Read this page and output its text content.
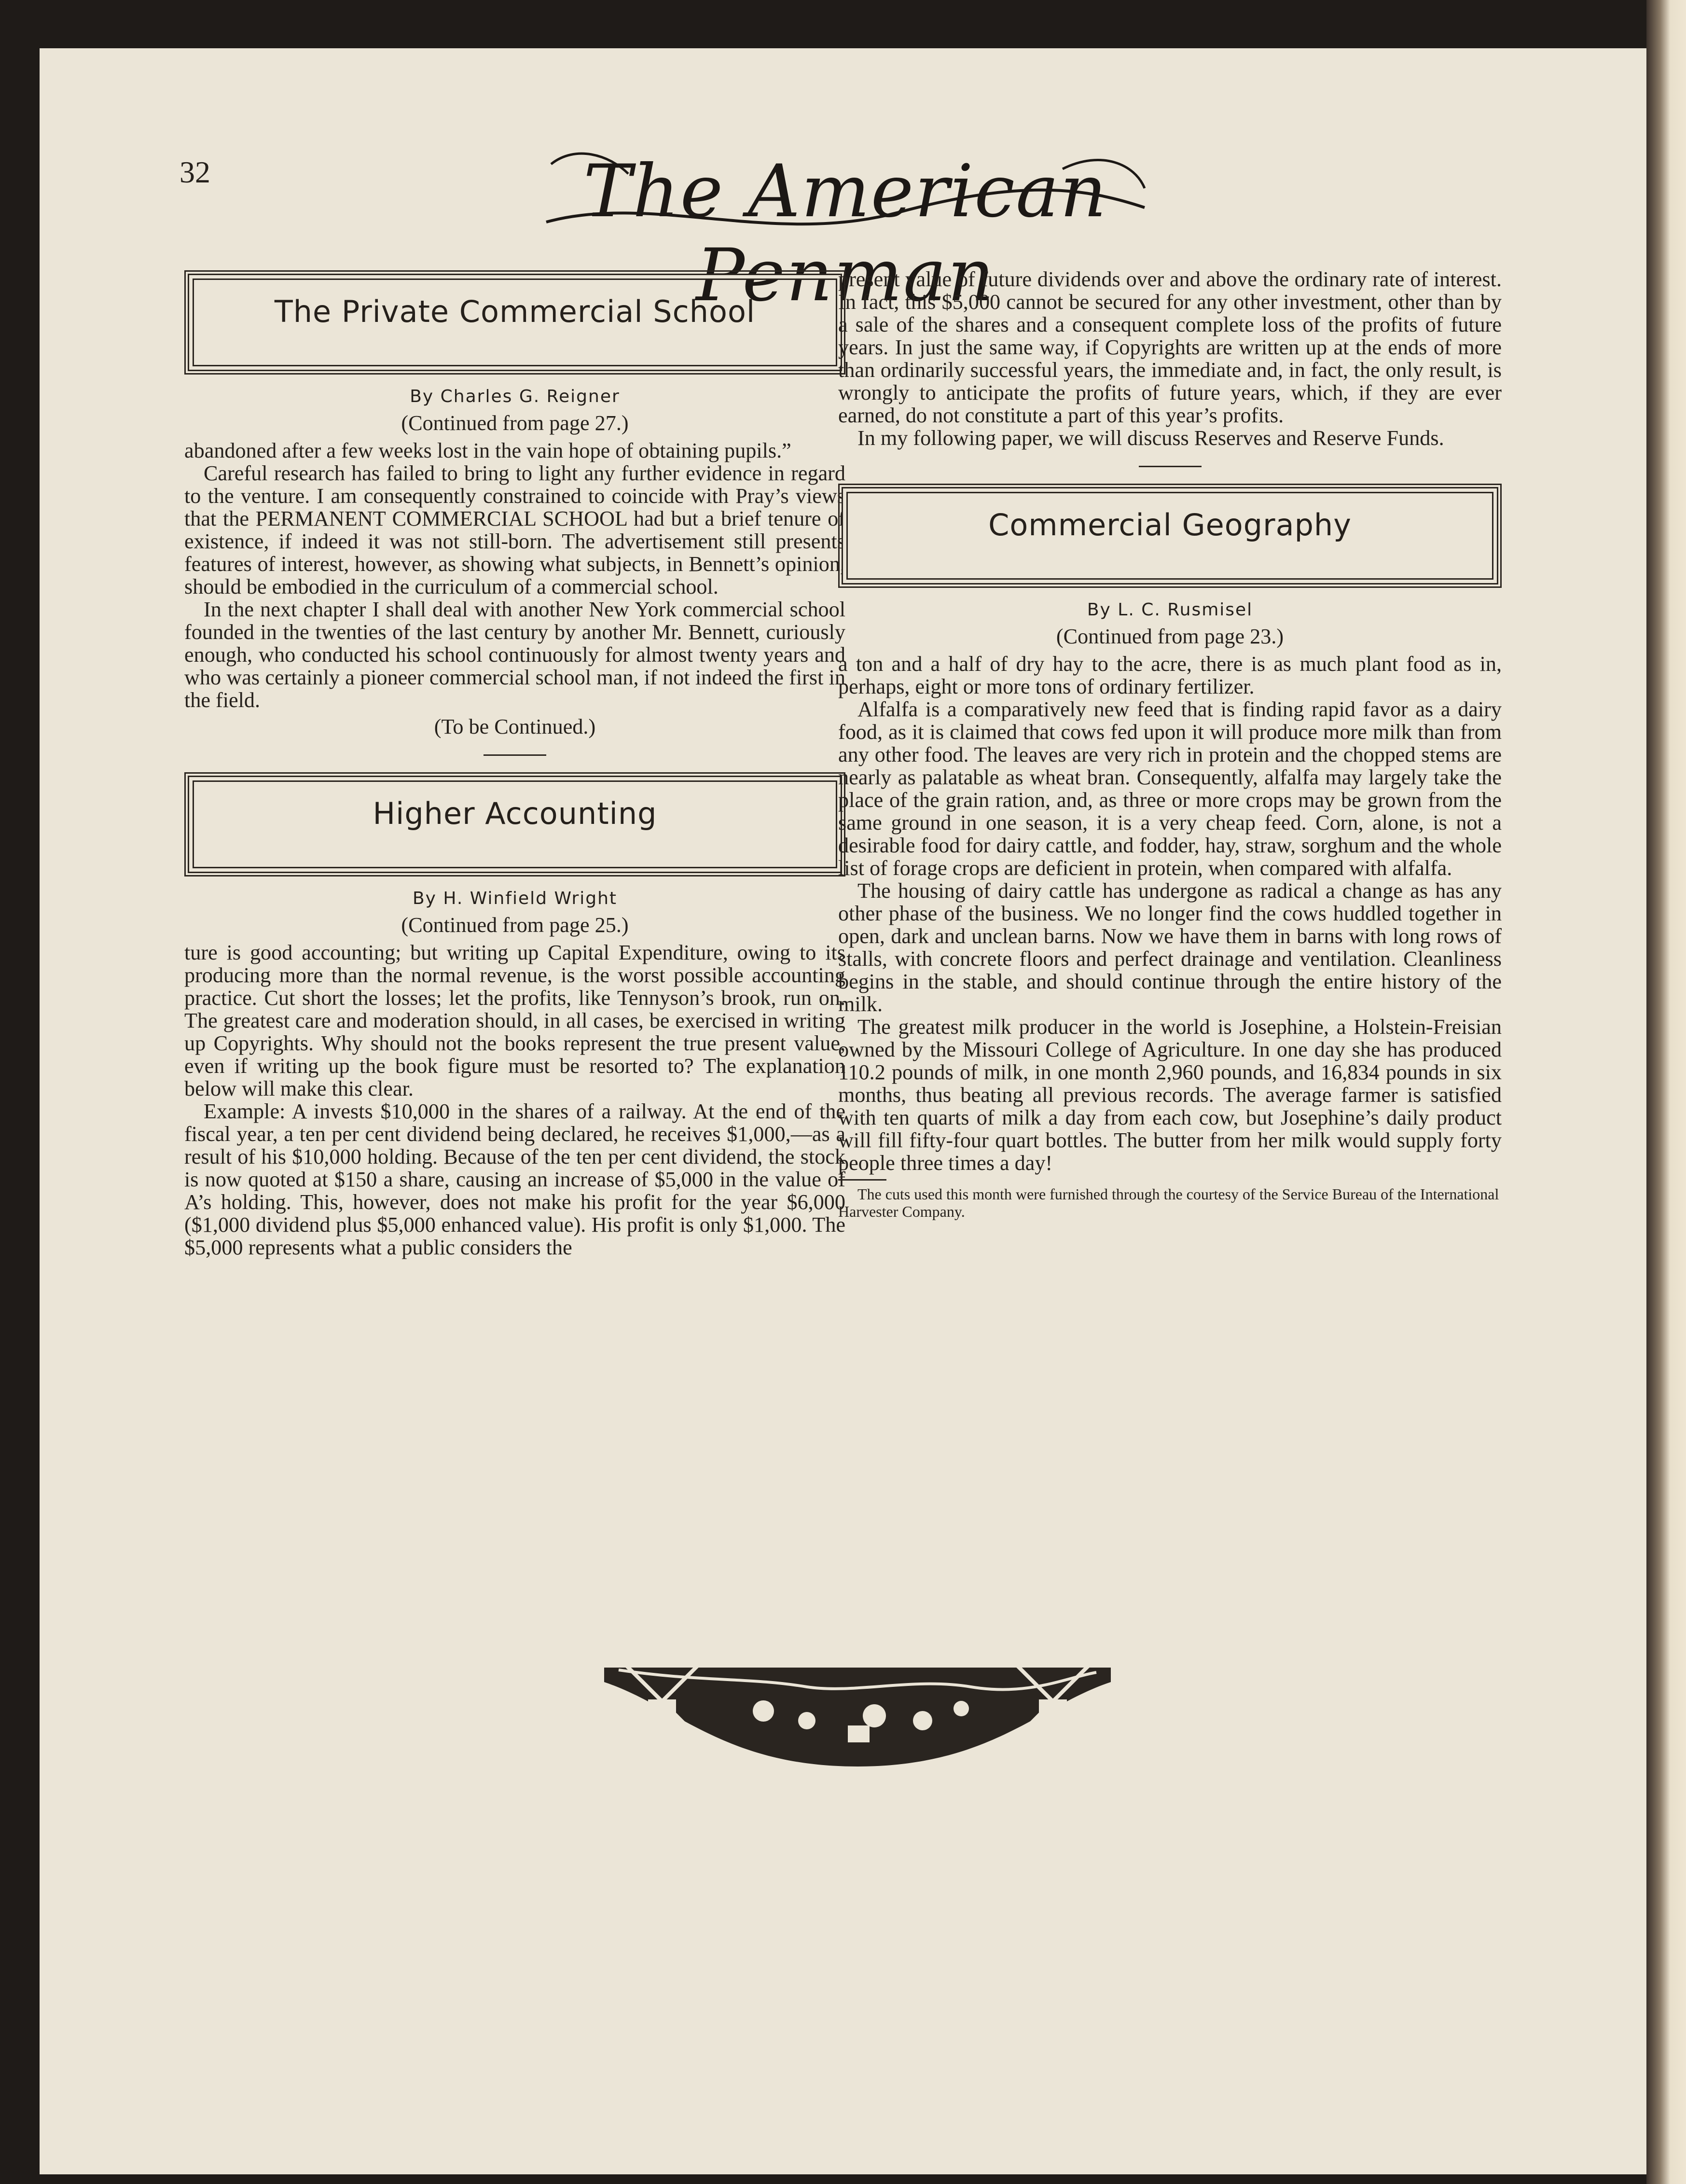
32	The American Penman
The Private Commercial School
By Charles G. Reigner

(Continued from page 27.)

abandoned after a few weeks lost in the vain hope of obtaining pupils.”

Careful research has failed to bring to light any further evidence in regard to the venture. I am consequently constrained to coincide with Pray’s views that the PERMANENT COMMERCIAL SCHOOL had but a brief tenure of existence, if indeed it was not still-born. The advertisement still presents features of interest, however, as showing what subjects, in Bennett’s opinion, should be embodied in the curriculum of a commercial school.

In the next chapter I shall deal with another New York commercial school founded in the twenties of the last century by another Mr. Bennett, curiously enough, who conducted his school continuously for almost twenty years and who was certainly a pioneer commercial school man, if not indeed the first in the field.

(To be Continued.)

Higher Accounting
By H. Winfield Wright

(Continued from page 25.)

ture is good accounting; but writing up Capital Expenditure, owing to its producing more than the normal revenue, is the worst possible accounting practice. Cut short the losses; let the profits, like Tennyson’s brook, run on. The greatest care and moderation should, in all cases, be exercised in writing up Copyrights. Why should not the books represent the true present value, even if writing up the book figure must be resorted to? The explanation below will make this clear.

Example: A invests $10,000 in the shares of a railway. At the end of the fiscal year, a ten per cent dividend being declared, he receives $1,000,—as a result of his $10,000 holding. Because of the ten per cent dividend, the stock is now quoted at $150 a share, causing an increase of $5,000 in the value of A’s holding. This, however, does not make his profit for the year $6,000 ($1,000 dividend plus $5,000 enhanced value). His profit is only $1,000. The $5,000 represents what a public considers the

present value of future dividends over and above the ordinary rate of interest. In fact, this $5,000 cannot be secured for any other investment, other than by a sale of the shares and a consequent complete loss of the profits of future years. In just the same way, if Copyrights are written up at the ends of more than ordinarily successful years, the immediate and, in fact, the only result, is wrongly to anticipate the profits of future years, which, if they are ever earned, do not constitute a part of this year’s profits.

In my following paper, we will discuss Reserves and Reserve Funds.

Commercial Geography
By L. C. Rusmisel

(Continued from page 23.)

a ton and a half of dry hay to the acre, there is as much plant food as in, perhaps, eight or more tons of ordinary fertilizer.

Alfalfa is a comparatively new feed that is finding rapid favor as a dairy food, as it is claimed that cows fed upon it will produce more milk than from any other food. The leaves are very rich in protein and the chopped stems are nearly as palatable as wheat bran. Consequently, alfalfa may largely take the place of the grain ration, and, as three or more crops may be grown from the same ground in one season, it is a very cheap feed. Corn, alone, is not a desirable food for dairy cattle, and fodder, hay, straw, sorghum and the whole list of forage crops are deficient in protein, when compared with alfalfa.

The housing of dairy cattle has undergone as radical a change as has any other phase of the business. We no longer find the cows huddled together in open, dark and unclean barns. Now we have them in barns with long rows of stalls, with concrete floors and perfect drainage and ventilation. Cleanliness begins in the stable, and should continue through the entire history of the milk.

The greatest milk producer in the world is Josephine, a Holstein-Freisian owned by the Missouri College of Agriculture. In one day she has produced 110.2 pounds of milk, in one month 2,960 pounds, and 16,834 pounds in six months, thus beating all previous records. The average farmer is satisfied with ten quarts of milk a day from each cow, but Josephine’s daily product will fill fifty-four quart bottles. The butter from her milk would supply forty people three times a day!

The cuts used this month were furnished through the courtesy of the Service Bureau of the International Harvester Company.
